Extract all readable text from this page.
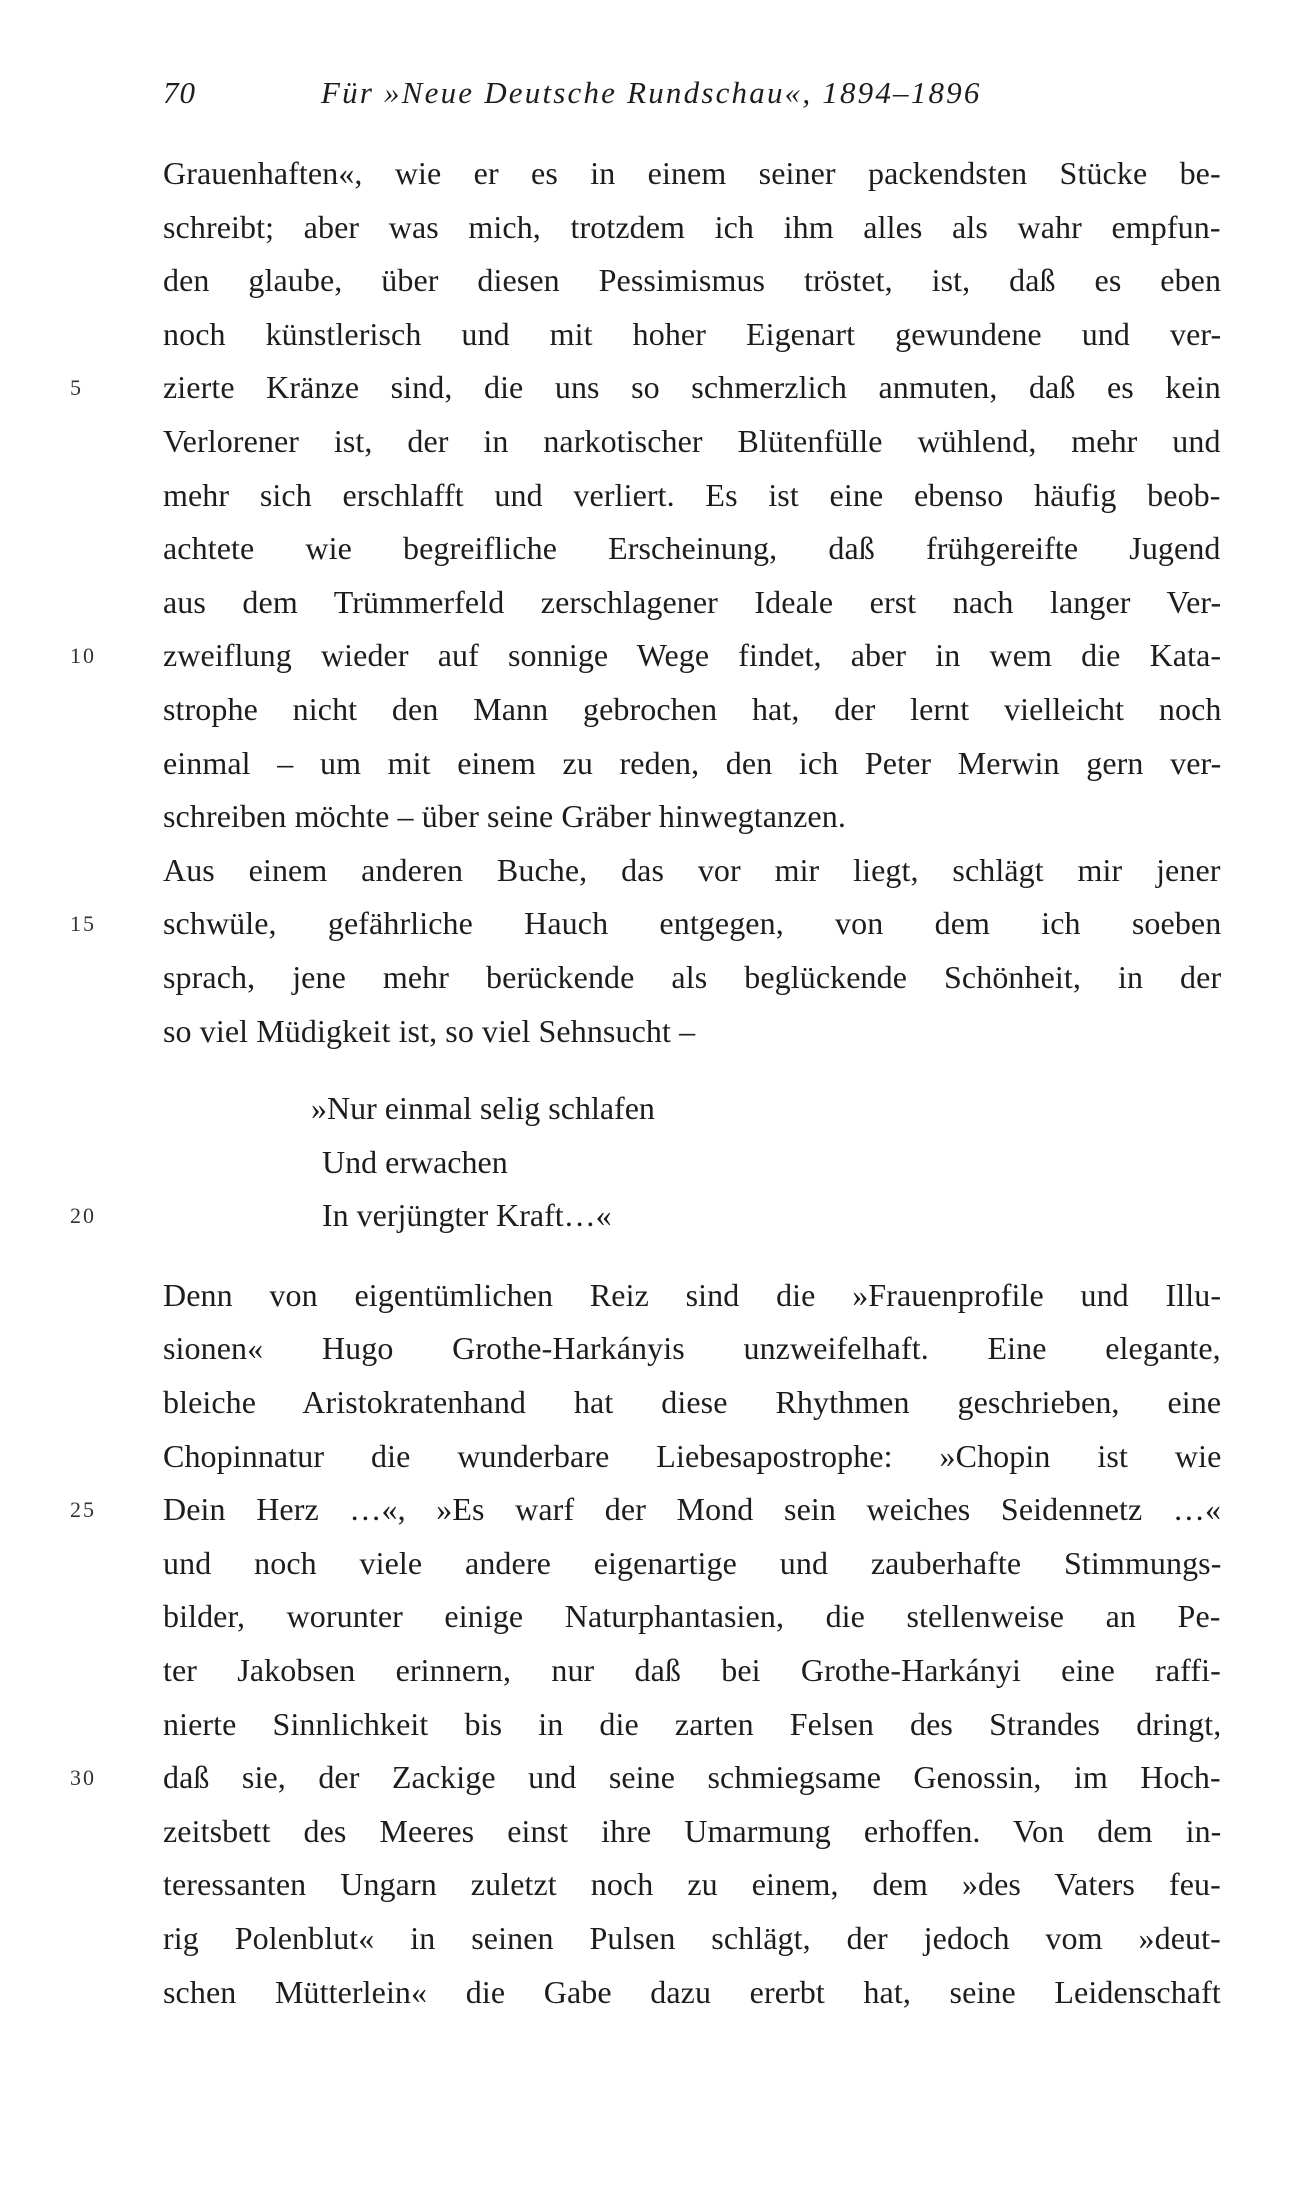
70	Für »Neue Deutsche Rundschau«, 1894–1896
Grauenhaften«, wie er es in einem seiner packendsten Stücke be-
schreibt; aber was mich, trotzdem ich ihm alles als wahr empfun-
den glaube, über diesen Pessimismus tröstet, ist, daß es eben
noch künstlerisch und mit hoher Eigenart gewundene und ver-
5	zierte Kränze sind, die uns so schmerzlich anmuten, daß es kein
Verlorener ist, der in narkotischer Blütenfülle wühlend, mehr und
mehr sich erschlafft und verliert. Es ist eine ebenso häufig beob-
achtete wie begreifliche Erscheinung, daß frühgereifte Jugend
aus dem Trümmerfeld zerschlagener Ideale erst nach langer Ver-
10	zweiflung wieder auf sonnige Wege findet, aber in wem die Kata-
strophe nicht den Mann gebrochen hat, der lernt vielleicht noch
einmal – um mit einem zu reden, den ich Peter Merwin gern ver-
schreiben möchte – über seine Gräber hinwegtanzen.
Aus einem anderen Buche, das vor mir liegt, schlägt mir jener
15	schwüle, gefährliche Hauch entgegen, von dem ich soeben
sprach, jene mehr berückende als beglückende Schönheit, in der
so viel Müdigkeit ist, so viel Sehnsucht –
»Nur einmal selig schlafen
Und erwachen
20	In verjüngter Kraft…«
Denn von eigentümlichen Reiz sind die »Frauenprofile und Illu-
sionen« Hugo Grothe-Harkányis unzweifelhaft. Eine elegante,
bleiche Aristokratenhand hat diese Rhythmen geschrieben, eine
Chopinnatur die wunderbare Liebesapostrophe: »Chopin ist wie
25	Dein Herz …«, »Es warf der Mond sein weiches Seidennetz …«
und noch viele andere eigenartige und zauberhafte Stimmungs-
bilder, worunter einige Naturphantasien, die stellenweise an Pe-
ter Jakobsen erinnern, nur daß bei Grothe-Harkányi eine raffi-
nierte Sinnlichkeit bis in die zarten Felsen des Strandes dringt,
30	daß sie, der Zackige und seine schmiegsame Genossin, im Hoch-
zeitsbett des Meeres einst ihre Umarmung erhoffen. Von dem in-
teressanten Ungarn zuletzt noch zu einem, dem »des Vaters feu-
rig Polenblut« in seinen Pulsen schlägt, der jedoch vom »deut-
schen Mütterlein« die Gabe dazu ererbt hat, seine Leidenschaft
